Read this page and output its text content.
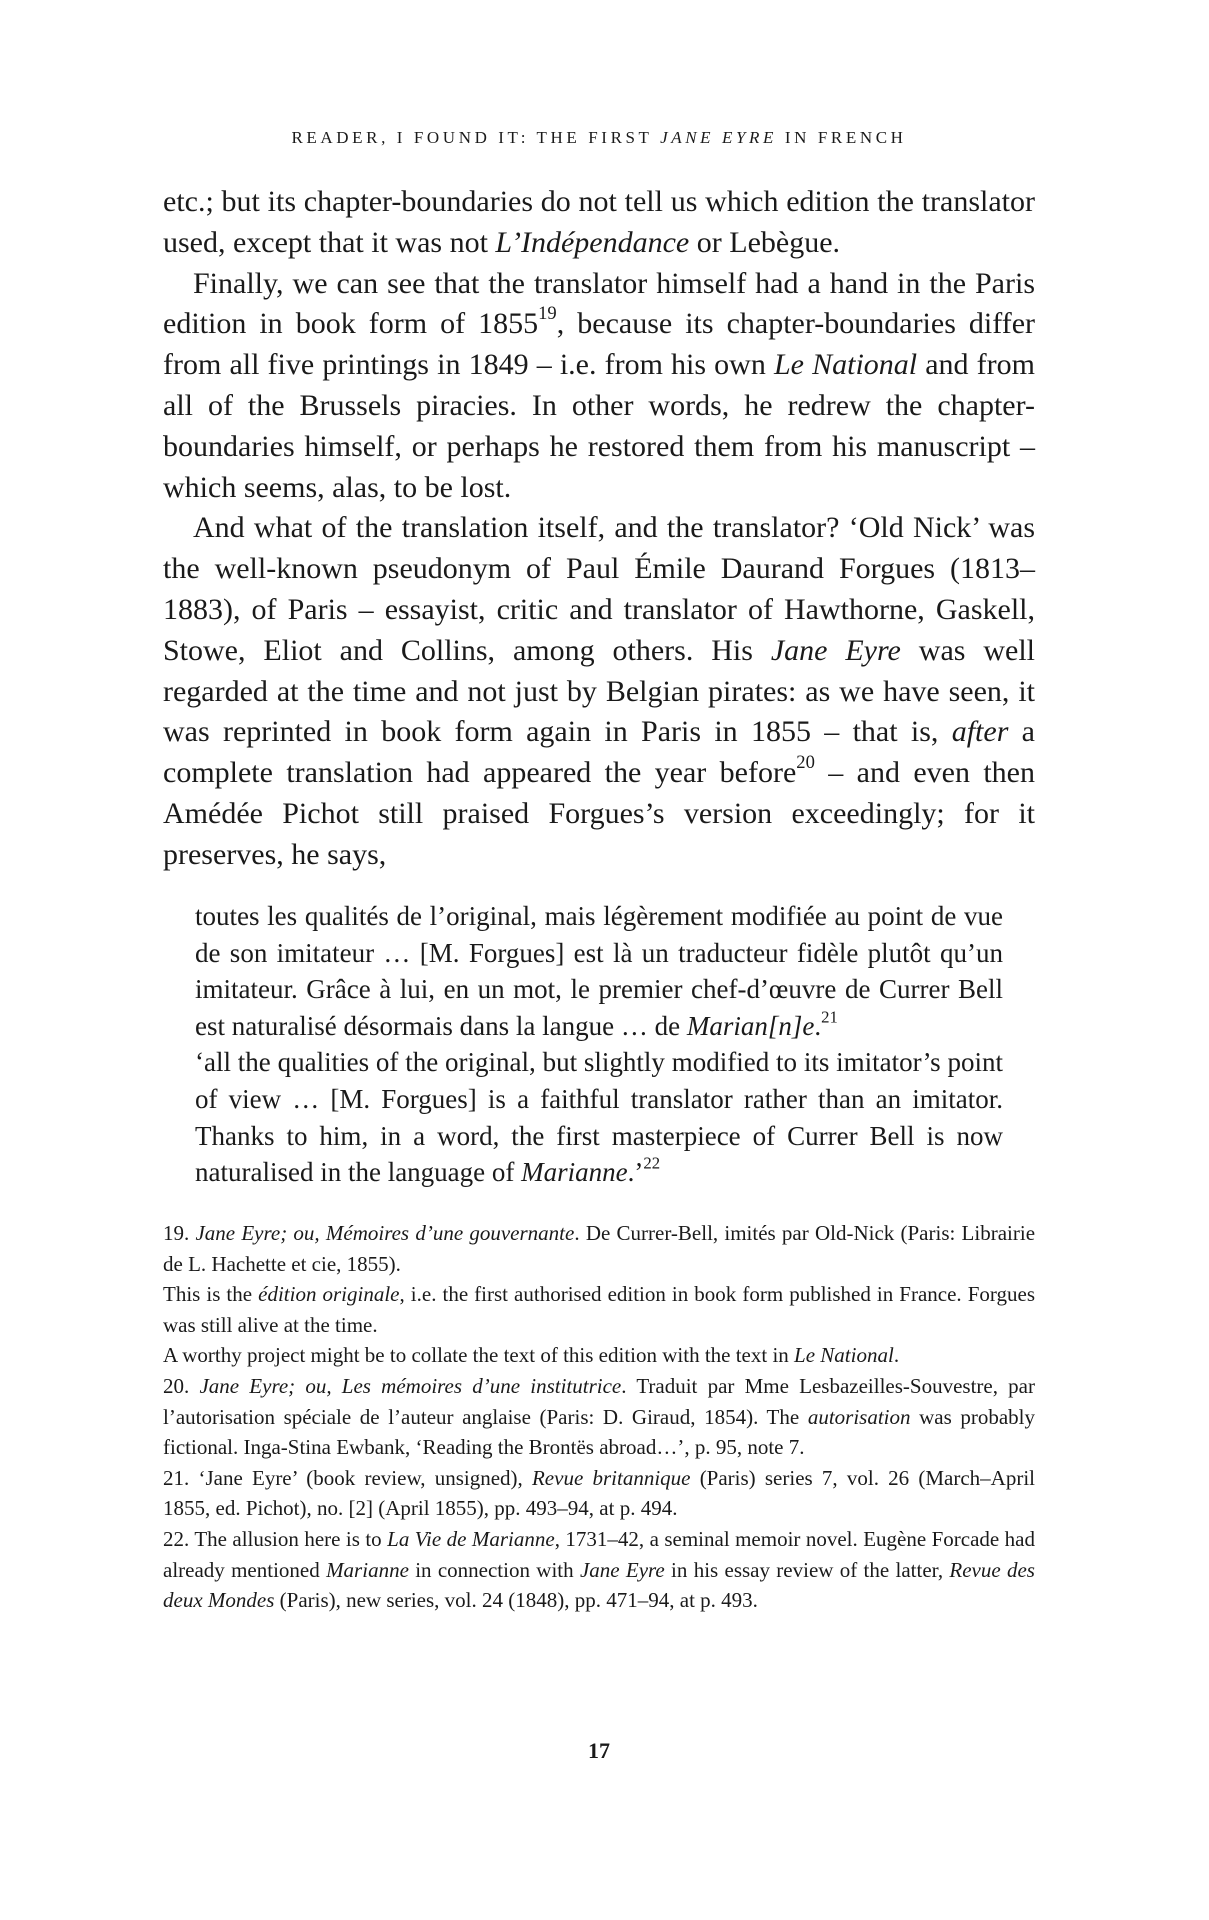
READER, I FOUND IT: THE FIRST JANE EYRE IN FRENCH

etc.; but its chapter-boundaries do not tell us which edition the translator used, except that it was not L’Indépendance or Lebègue.

Finally, we can see that the translator himself had a hand in the Paris edition in book form of 1855$^{19}$, because its chapter-boundaries differ from all five printings in 1849 – i.e. from his own Le National and from all of the Brussels piracies. In other words, he redrew the chapter-boundaries himself, or perhaps he restored them from his manuscript – which seems, alas, to be lost.

And what of the translation itself, and the translator? ‘Old Nick’ was the well-known pseudonym of Paul Émile Daurand Forgues (1813–1883), of Paris – essayist, critic and translator of Hawthorne, Gaskell, Stowe, Eliot and Collins, among others. His Jane Eyre was well regarded at the time and not just by Belgian pirates: as we have seen, it was reprinted in book form again in Paris in 1855 – that is, after a complete translation had appeared the year before$^{20}$ – and even then Amédée Pichot still praised Forgues’s version exceedingly; for it preserves, he says,

toutes les qualités de l’original, mais légèrement modifiée au point de vue de son imitateur … [M. Forgues] est là un traducteur fidèle plutôt qu’un imitateur. Grâce à lui, en un mot, le premier chef-d’œuvre de Currer Bell est naturalisé désormais dans la langue … de Marian[n]e.$^{21}$

‘all the qualities of the original, but slightly modified to its imitator’s point of view … [M. Forgues] is a faithful translator rather than an imitator. Thanks to him, in a word, the first masterpiece of Currer Bell is now naturalised in the language of Marianne.’$^{22}$

19. Jane Eyre; ou, Mémoires d’une gouvernante. De Currer-Bell, imités par Old-Nick (Paris: Librairie de L. Hachette et cie, 1855).

This is the édition originale, i.e. the first authorised edition in book form published in France. Forgues was still alive at the time.

A worthy project might be to collate the text of this edition with the text in Le National.

20. Jane Eyre; ou, Les mémoires d’une institutrice. Traduit par Mme Lesbazeilles-Souvestre, par l’autorisation spéciale de l’auteur anglaise (Paris: D. Giraud, 1854). The autorisation was probably fictional. Inga-Stina Ewbank, ‘Reading the Brontës abroad…’, p. 95, note 7.

21. ‘Jane Eyre’ (book review, unsigned), Revue britannique (Paris) series 7, vol. 26 (March–April 1855, ed. Pichot), no. [2] (April 1855), pp. 493–94, at p. 494.

22. The allusion here is to La Vie de Marianne, 1731–42, a seminal memoir novel. Eugène Forcade had already mentioned Marianne in connection with Jane Eyre in his essay review of the latter, Revue des deux Mondes (Paris), new series, vol. 24 (1848), pp. 471–94, at p. 493.

17
